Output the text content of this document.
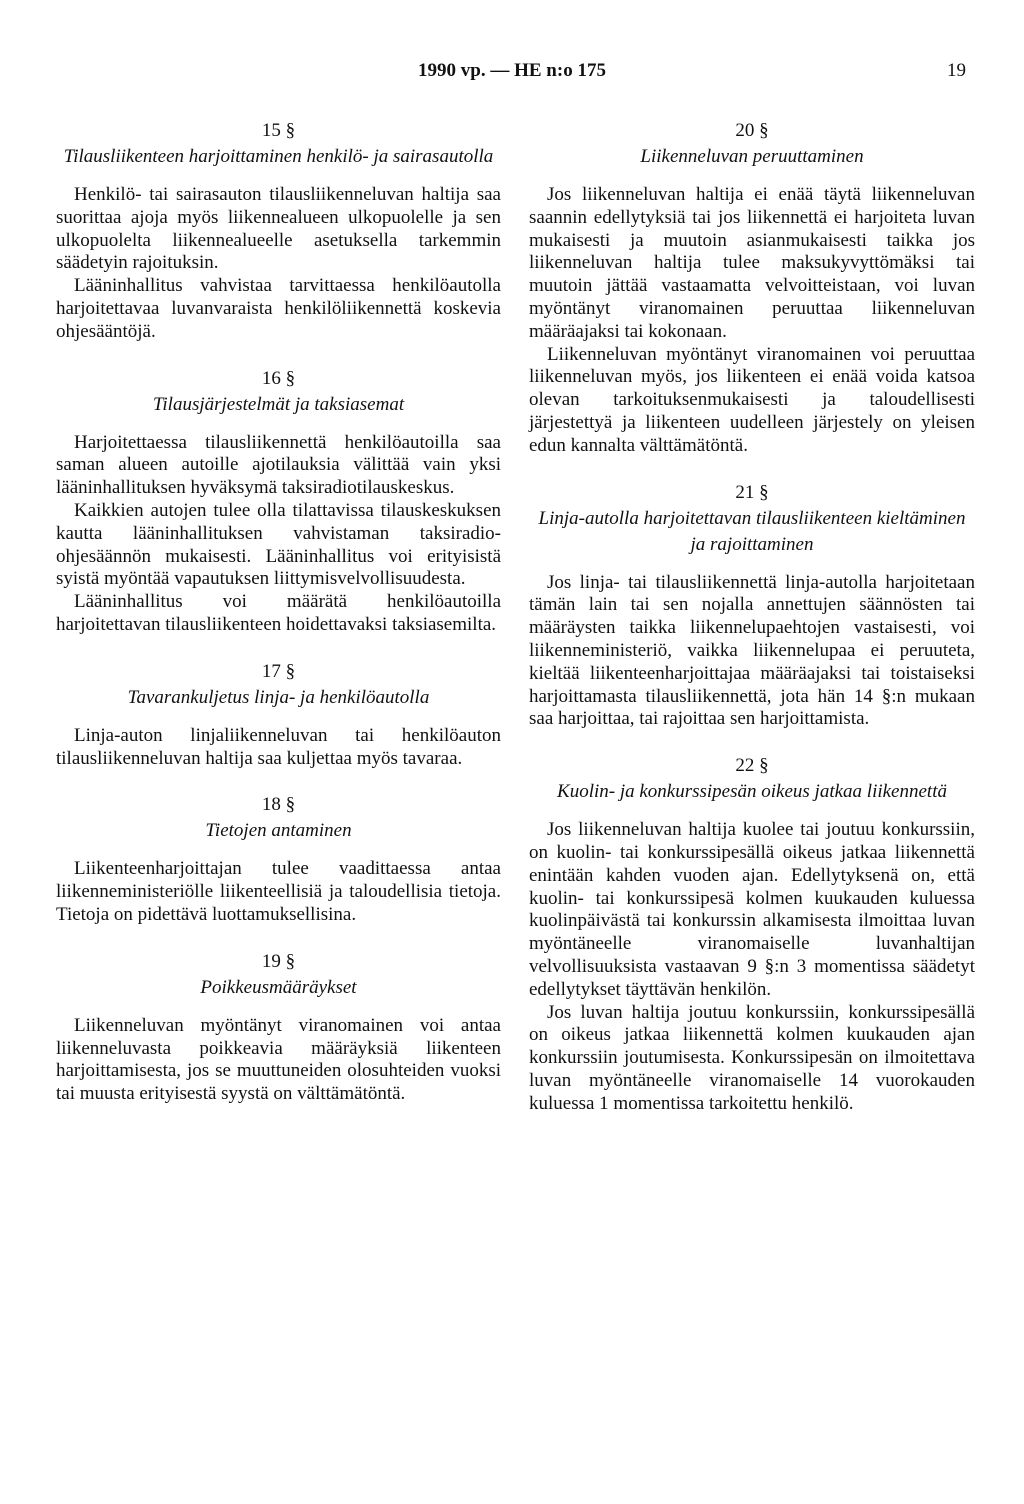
1990 vp. — HE n:o 175	19
15 §
Tilausliikenteen harjoittaminen henkilö- ja sairasautolla

Henkilö- tai sairasauton tilausliikenneluvan haltija saa suorittaa ajoja myös liikennealueen ulkopuolelle ja sen ulkopuolelta liikennealueelle asetuksella tarkemmin säädetyin rajoituksin.

Lääninhallitus vahvistaa tarvittaessa henkilöautolla harjoitettavaa luvanvaraista henkilöliikennettä koskevia ohjesääntöjä.

16 §
Tilausjärjestelmät ja taksiasemat

Harjoitettaessa tilausliikennettä henkilöautoilla saa saman alueen autoille ajotilauksia välittää vain yksi lääninhallituksen hyväksymä taksiradiotilauskeskus.

Kaikkien autojen tulee olla tilattavissa tilauskeskuksen kautta lääninhallituksen vahvistaman taksiradio-ohjesäännön mukaisesti. Lääninhallitus voi erityisistä syistä myöntää vapautuksen liittymisvelvollisuudesta.

Lääninhallitus voi määrätä henkilöautoilla harjoitettavan tilausliikenteen hoidettavaksi taksiasemilta.

17 §
Tavarankuljetus linja- ja henkilöautolla

Linja-auton linjaliikenneluvan tai henkilöauton tilausliikenneluvan haltija saa kuljettaa myös tavaraa.

18 §
Tietojen antaminen

Liikenteenharjoittajan tulee vaadittaessa antaa liikenneministeriölle liikenteellisiä ja taloudellisia tietoja. Tietoja on pidettävä luottamuksellisina.

19 §
Poikkeusmääräykset

Liikenneluvan myöntänyt viranomainen voi antaa liikenneluvasta poikkeavia määräyksiä liikenteen harjoittamisesta, jos se muuttuneiden olosuhteiden vuoksi tai muusta erityisestä syystä on välttämätöntä.

20 §
Liikenneluvan peruuttaminen

Jos liikenneluvan haltija ei enää täytä liikenneluvan saannin edellytyksiä tai jos liikennettä ei harjoiteta luvan mukaisesti ja muutoin asianmukaisesti taikka jos liikenneluvan haltija tulee maksukyvyttömäksi tai muutoin jättää vastaamatta velvoitteistaan, voi luvan myöntänyt viranomainen peruuttaa liikenneluvan määräajaksi tai kokonaan.

Liikenneluvan myöntänyt viranomainen voi peruuttaa liikenneluvan myös, jos liikenteen ei enää voida katsoa olevan tarkoituksenmukaisesti ja taloudellisesti järjestettyä ja liikenteen uudelleen järjestely on yleisen edun kannalta välttämätöntä.

21 §
Linja-autolla harjoitettavan tilausliikenteen kieltäminen ja rajoittaminen

Jos linja- tai tilausliikennettä linja-autolla harjoitetaan tämän lain tai sen nojalla annettujen säännösten tai määräysten taikka liikennelupaehtojen vastaisesti, voi liikenneministeriö, vaikka liikennelupaa ei peruuteta, kieltää liikenteenharjoittajaa määräajaksi tai toistaiseksi harjoittamasta tilausliikennettä, jota hän 14 §:n mukaan saa harjoittaa, tai rajoittaa sen harjoittamista.

22 §
Kuolin- ja konkurssipesän oikeus jatkaa liikennettä

Jos liikenneluvan haltija kuolee tai joutuu konkurssiin, on kuolin- tai konkurssipesällä oikeus jatkaa liikennettä enintään kahden vuoden ajan. Edellytyksenä on, että kuolin- tai konkurssipesä kolmen kuukauden kuluessa kuolinpäivästä tai konkurssin alkamisesta ilmoittaa luvan myöntäneelle viranomaiselle luvanhaltijan velvollisuuksista vastaavan 9 §:n 3 momentissa säädetyt edellytykset täyttävän henkilön.

Jos luvan haltija joutuu konkurssiin, konkurssipesällä on oikeus jatkaa liikennettä kolmen kuukauden ajan konkurssiin joutumisesta. Konkurssipesän on ilmoitettava luvan myöntäneelle viranomaiselle 14 vuorokauden kuluessa 1 momentissa tarkoitettu henkilö.
